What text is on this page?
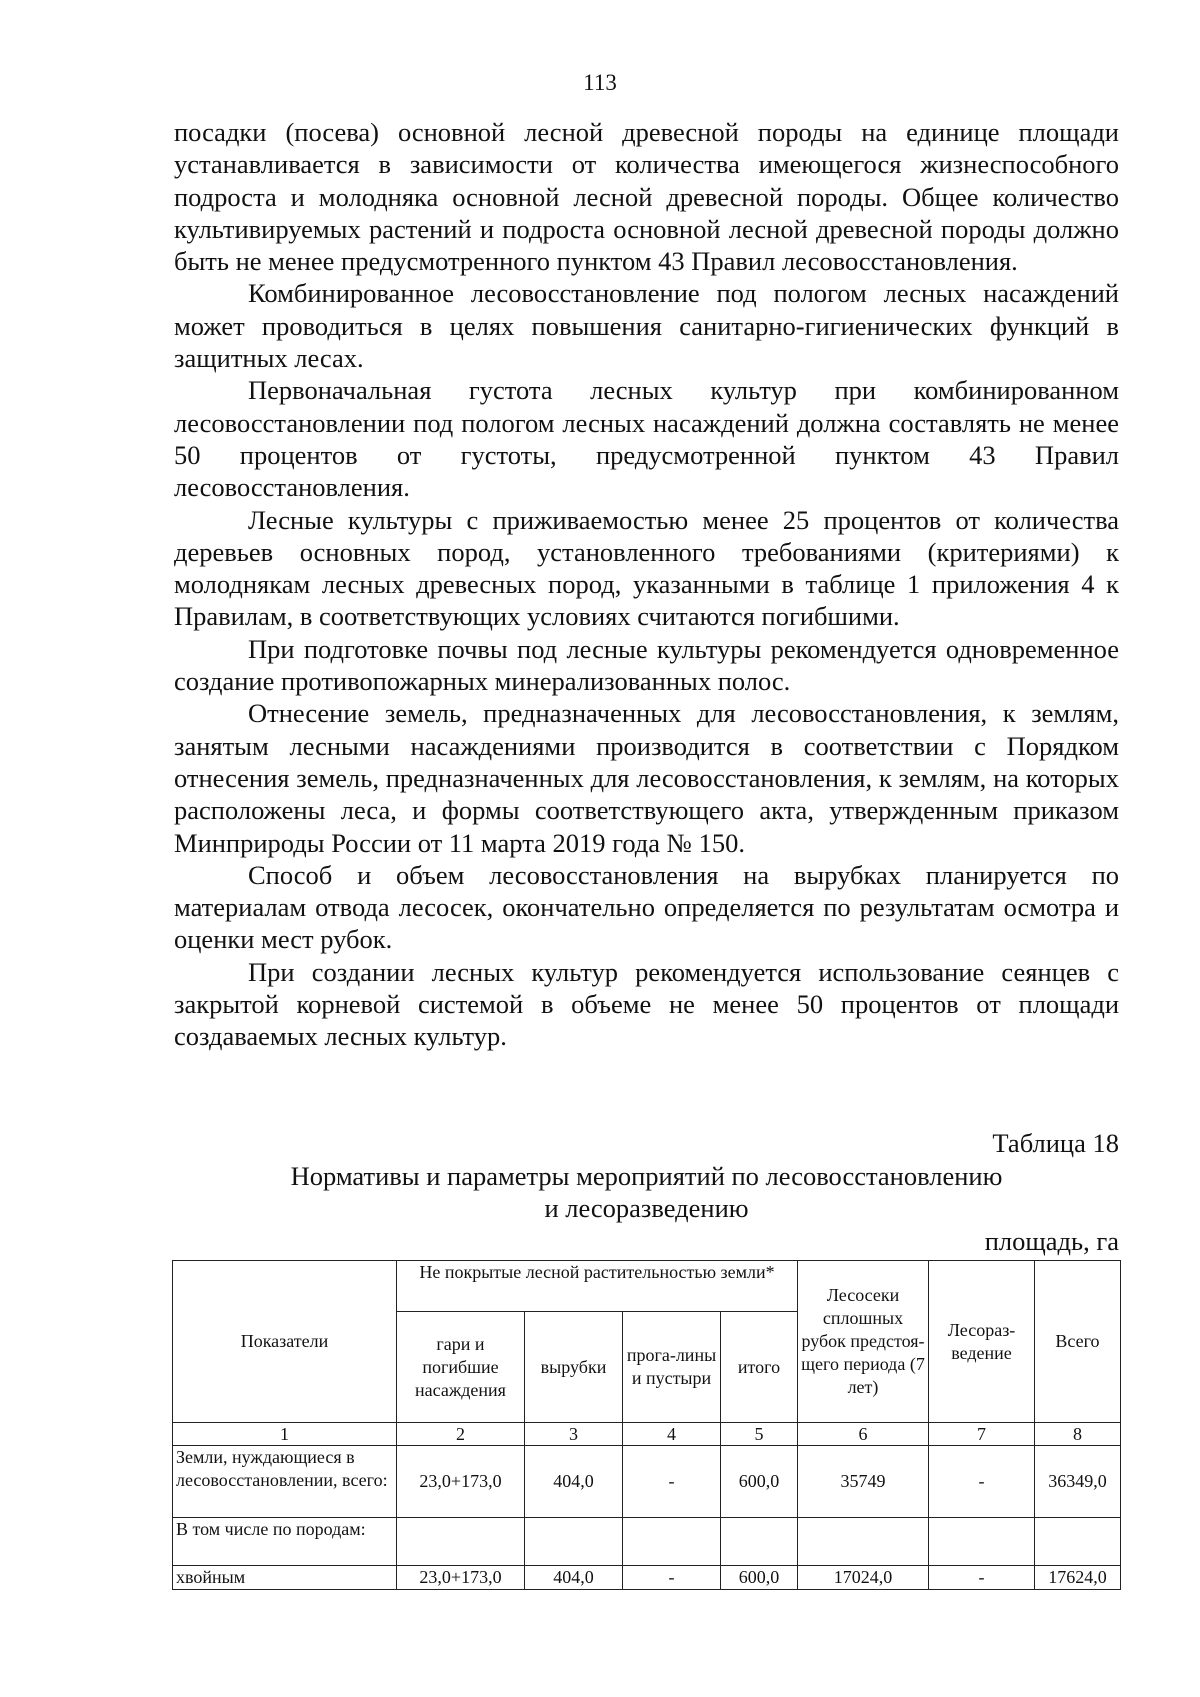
113

посадки (посева) основной лесной древесной породы на единице площади устанавливается в зависимости от количества имеющегося жизнеспособного подроста и молодняка основной лесной древесной породы. Общее количество культивируемых растений и подроста основной лесной древесной породы должно быть не менее предусмотренного пунктом 43 Правил лесовосстановления.

Комбинированное лесовосстановление под пологом лесных насаждений может проводиться в целях повышения санитарно-гигиенических функций в защитных лесах.

Первоначальная густота лесных культур при комбинированном лесовосстановлении под пологом лесных насаждений должна составлять не менее 50 процентов от густоты, предусмотренной пунктом 43 Правил лесовосстановления.

Лесные культуры с приживаемостью менее 25 процентов от количества деревьев основных пород, установленного требованиями (критериями) к молоднякам лесных древесных пород, указанными в таблице 1 приложения 4 к Правилам, в соответствующих условиях считаются погибшими.

При подготовке почвы под лесные культуры рекомендуется одновременное создание противопожарных минерализованных полос.

Отнесение земель, предназначенных для лесовосстановления, к землям, занятым лесными насаждениями производится в соответствии с Порядком отнесения земель, предназначенных для лесовосстановления, к землям, на которых расположены леса, и формы соответствующего акта, утвержденным приказом Минприроды России от 11 марта 2019 года № 150.

Способ и объем лесовосстановления на вырубках планируется по материалам отвода лесосек, окончательно определяется по результатам осмотра и оценки мест рубок.

При создании лесных культур рекомендуется использование сеянцев с закрытой корневой системой в объеме не менее 50 процентов от площади создаваемых лесных культур.

Таблица 18
Нормативы и параметры мероприятий по лесовосстановлению
и лесоразведению
площадь, га
Показатели	Не покрытые лесной растительностью земли*				Лесосеки сплошных рубок предстоя-щего периода (7 лет)	Лесораз-ведение	Всего
	гари и погибшие насаждения	вырубки	прога-лины и пустыри	итого			
1	2	3	4	5	6	7	8
Земли, нуждающиеся в лесовосстановлении, всего:	23,0+173,0	404,0	-	600,0	35749	-	36349,0
В том числе по породам:							
хвойным	23,0+173,0	404,0	-	600,0	17024,0	-	17624,0
